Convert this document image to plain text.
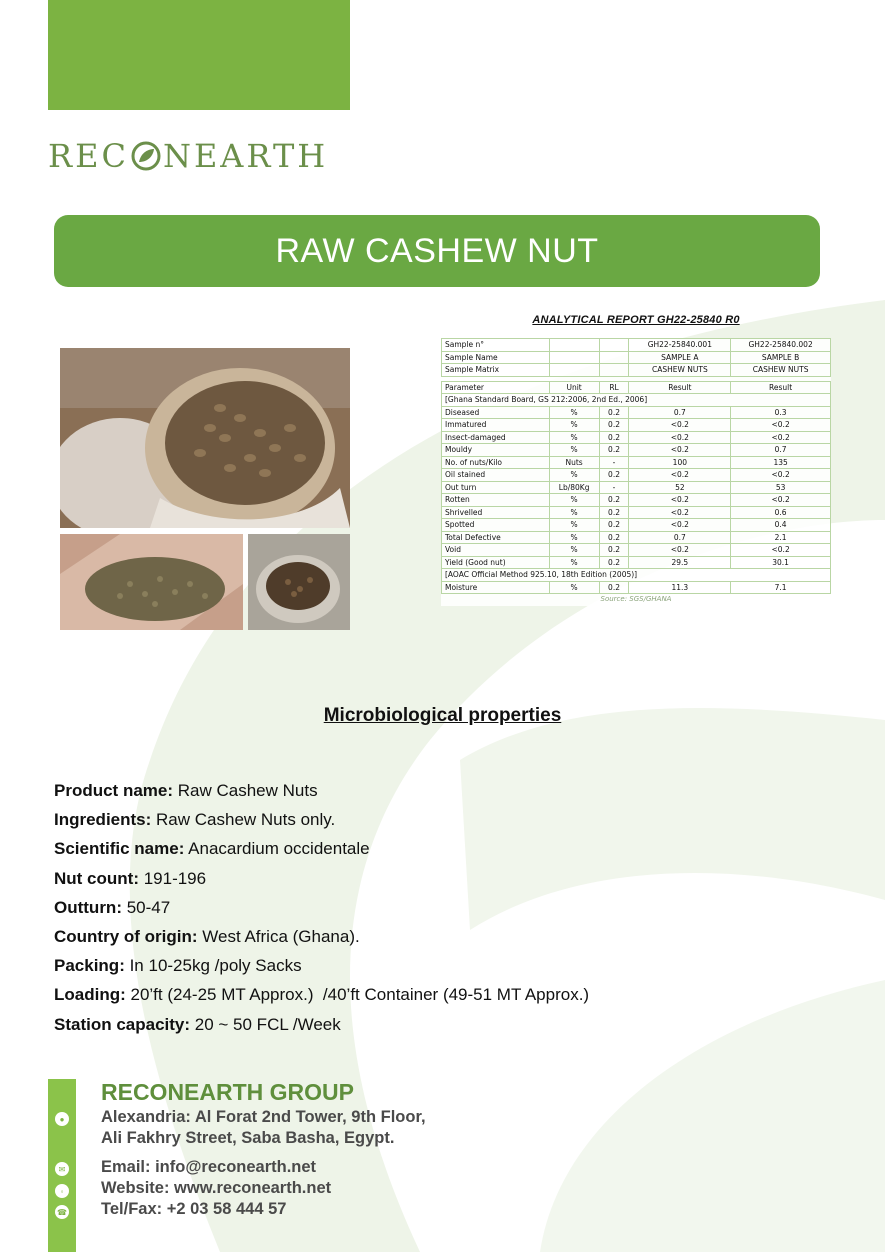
REC NEARTH
RAW CASHEW NUT
ANALYTICAL REPORT GH22-25840 R0
Sample n°			GH22-25840.001	GH22-25840.002
Sample Name			SAMPLE A	SAMPLE B
Sample Matrix			CASHEW NUTS	CASHEW NUTS

Parameter	Unit	RL	Result	Result
[Ghana Standard Board, GS 212:2006, 2nd Ed., 2006]				
Diseased	%	0.2	0.7	0.3
Immatured	%	0.2	<0.2	<0.2
Insect-damaged	%	0.2	<0.2	<0.2
Mouldy	%	0.2	<0.2	0.7
No. of nuts/Kilo	Nuts	-	100	135
Oil stained	%	0.2	<0.2	<0.2
Out turn	Lb/80Kg	-	52	53
Rotten	%	0.2	<0.2	<0.2
Shrivelled	%	0.2	<0.2	0.6
Spotted	%	0.2	<0.2	0.4
Total Defective	%	0.2	0.7	2.1
Void	%	0.2	<0.2	<0.2
Yield (Good nut)	%	0.2	29.5	30.1
[AOAC Official Method 925.10, 18th Edition (2005)]				
Moisture	%	0.2	11.3	7.1
Source: SGS/GHANA				
Microbiological properties
Product name: Raw Cashew Nuts
Ingredients: Raw Cashew Nuts only.
Scientific name: Anacardium occidentale
Nut count: 191-196
Outturn: 50-47
Country of origin: West Africa (Ghana).
Packing: In 10-25kg /poly Sacks
Loading: 20’ft (24-25 MT Approx.)  /40’ft Container (49-51 MT Approx.)
Station capacity: 20 ~ 50 FCL /Week
●
✉
◦
☎
RECONEARTH GROUP
Alexandria: Al Forat 2nd Tower, 9th Floor,
Ali Fakhry Street, Saba Basha, Egypt.
Email: info@reconearth.net
Website: www.reconearth.net
Tel/Fax: +2 03 58 444 57
